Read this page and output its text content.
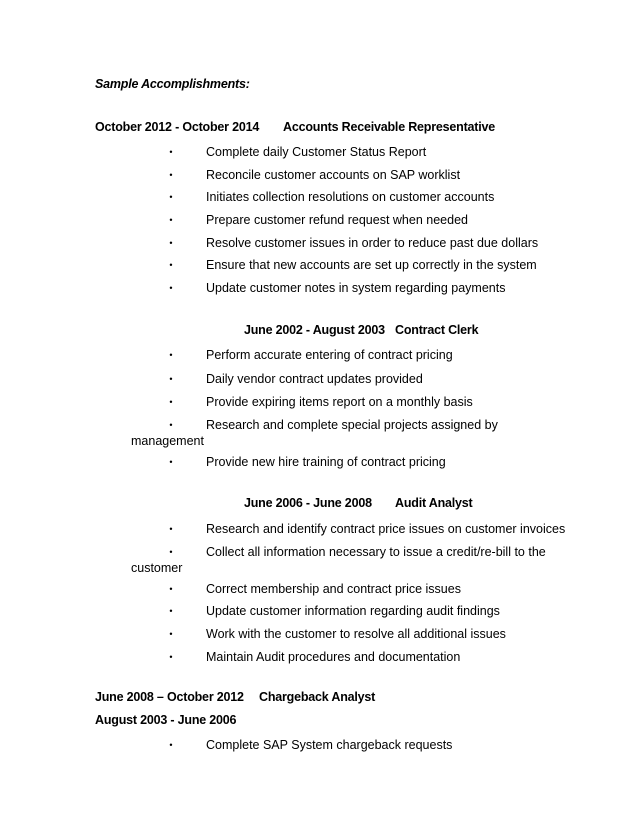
Sample Accomplishments:
October 2012 - October 2014 Accounts Receivable Representative
•	Complete daily Customer Status Report
•	Reconcile customer accounts on SAP worklist
•	Initiates collection resolutions on customer accounts
•	Prepare customer refund request when needed
•	Resolve customer issues in order to reduce past due dollars
•	Ensure that new accounts are set up correctly in the system
•	Update customer notes in system regarding payments
June 2002 - August 2003 Contract Clerk
•	Perform accurate entering of contract pricing
•	Daily vendor contract updates provided
•	Provide expiring items report on a monthly basis
•	Research and complete special projects assigned by
management
•	Provide new hire training of contract pricing
June 2006 - June 2008 Audit Analyst
•	Research and identify contract price issues on customer invoices
•	Collect all information necessary to issue a credit/re-bill to the
customer
•	Correct membership and contract price issues
•	Update customer information regarding audit findings
•	Work with the customer to resolve all additional issues
•	Maintain Audit procedures and documentation
June 2008 – October 2012 Chargeback Analyst
August 2003 - June 2006
•	Complete SAP System chargeback requests
